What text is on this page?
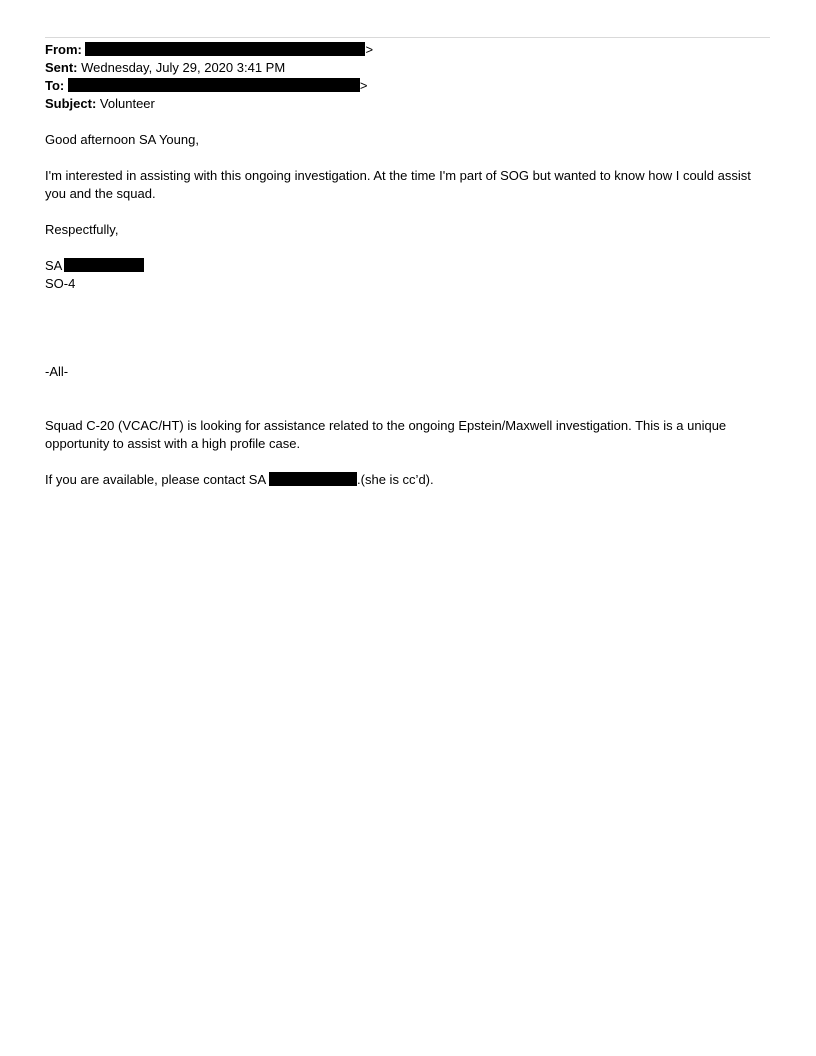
From:	>
Sent: Wednesday, July 29, 2020 3:41 PM
To:	>
Subject: Volunteer

Good afternoon SA Young,

I'm interested in assisting with this ongoing investigation. At the time I'm part of SOG but wanted to know how I could assist you and the squad.

Respectfully,

SA
SO-4

-All-

Squad C-20 (VCAC/HT) is looking for assistance related to the ongoing Epstein/Maxwell investigation. This is a unique opportunity to assist with a high profile case.

If you are available, please contact SA	.(she is cc’d).
